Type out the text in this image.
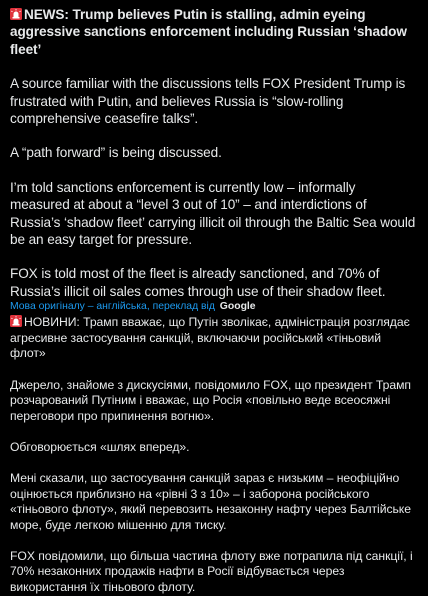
NEWS: Trump believes Putin is stalling, admin eyeing aggressive sanctions enforcement including Russian ‘shadow fleet’

A source familiar with the discussions tells FOX President Trump is frustrated with Putin, and believes Russia is “slow-rolling comprehensive ceasefire talks”.

A “path forward” is being discussed.

I’m told sanctions enforcement is currently low – informally measured at about a “level 3 out of 10” – and interdictions of Russia’s ‘shadow fleet’ carrying illicit oil through the Baltic Sea would be an easy target for pressure.

FOX is told most of the fleet is already sanctioned, and 70% of Russia’s illicit oil sales comes through use of their shadow fleet.

Мова оригіналу – англійська, переклад від Google

НОВИНИ: Трамп вважає, що Путін зволікає, адміністрація розглядає агресивне застосування санкцій, включаючи російський «тіньовий флот»

Джерело, знайоме з дискусіями, повідомило FOX, що президент Трамп розчарований Путіним і вважає, що Росія «повільно веде всеосяжні переговори про припинення вогню».

Обговорюється «шлях вперед».

Мені сказали, що застосування санкцій зараз є низьким – неофіційно оцінюється приблизно на «рівні 3 з 10» – і заборона російського «тіньового флоту», який перевозить незаконну нафту через Балтійське море, буде легкою мішенню для тиску.

FOX повідомили, що більша частина флоту вже потрапила під санкції, і 70% незаконних продажів нафти в Росії відбувається через використання їх тіньового флоту.
